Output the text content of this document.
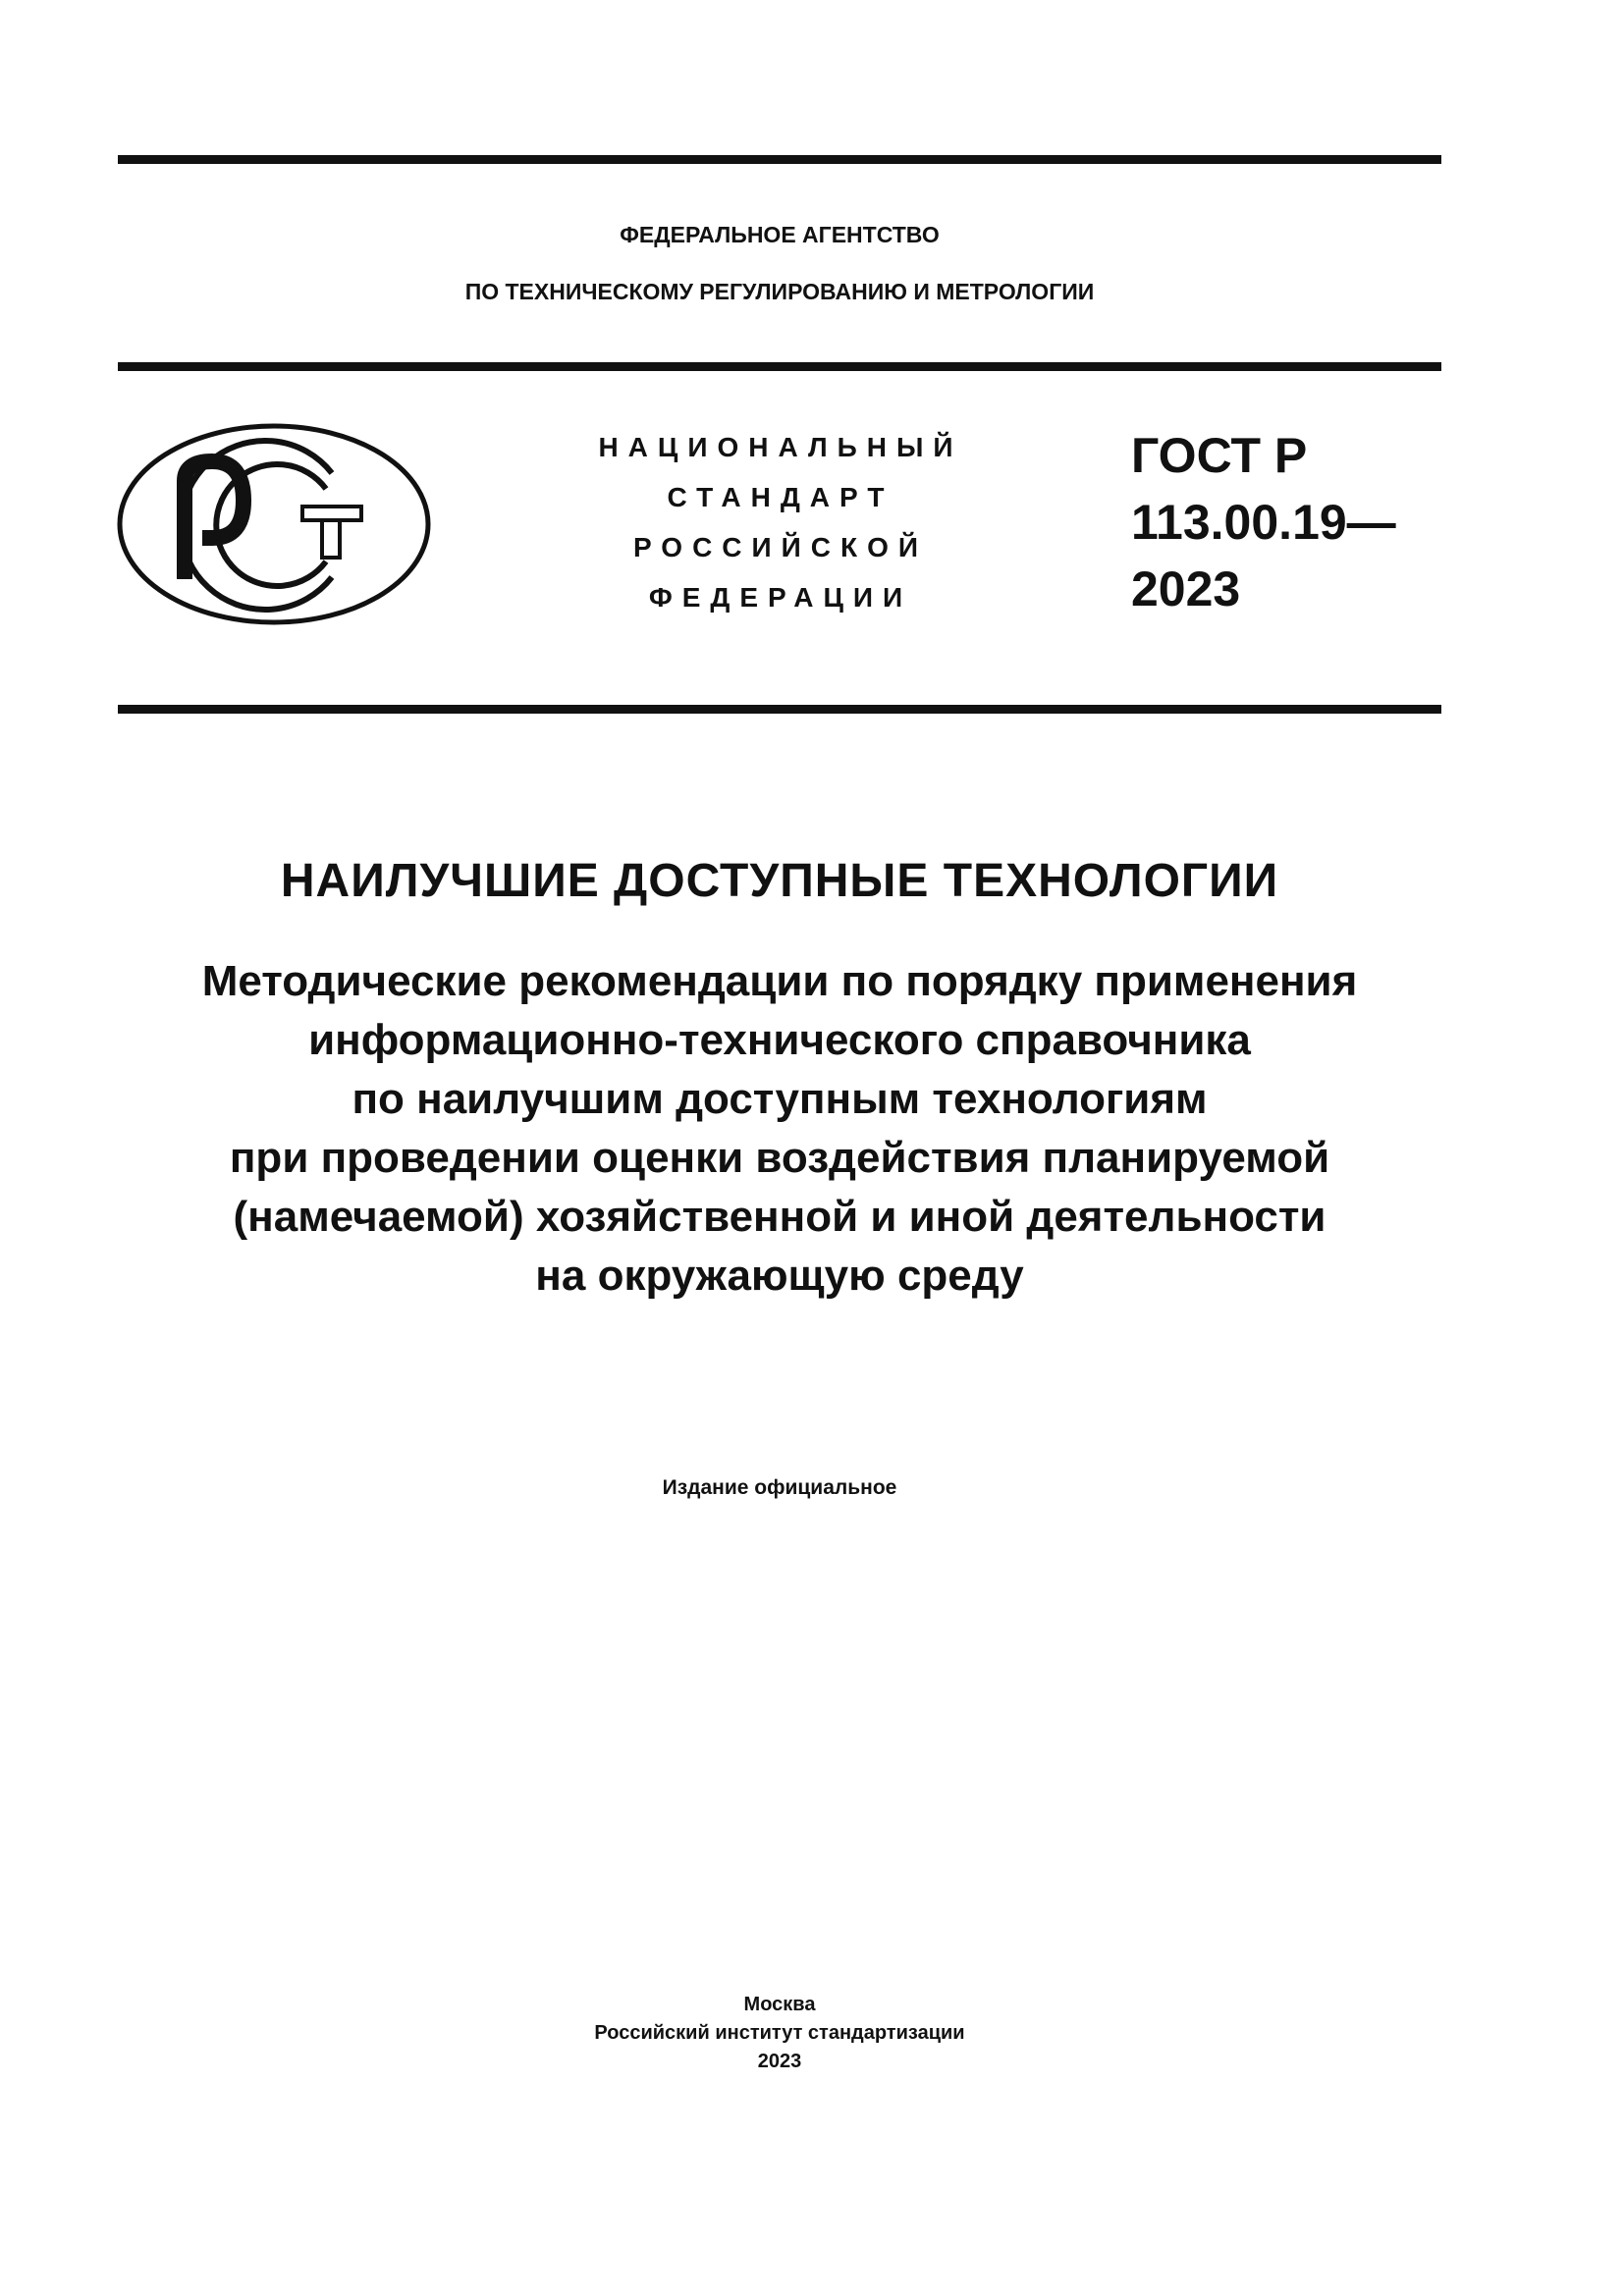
ФЕДЕРАЛЬНОЕ АГЕНТСТВО
ПО ТЕХНИЧЕСКОМУ РЕГУЛИРОВАНИЮ И МЕТРОЛОГИИ
НАЦИОНАЛЬНЫЙ
СТАНДАРТ
РОССИЙСКОЙ
ФЕДЕРАЦИИ
ГОСТ Р
113.00.19—
2023
НАИЛУЧШИЕ ДОСТУПНЫЕ ТЕХНОЛОГИИ
Методические рекомендации по порядку применения
информационно-технического справочника
по наилучшим доступным технологиям
при проведении оценки воздействия планируемой
(намечаемой) хозяйственной и иной деятельности
на окружающую среду
Издание официальное
Москва
Российский институт стандартизации
2023
